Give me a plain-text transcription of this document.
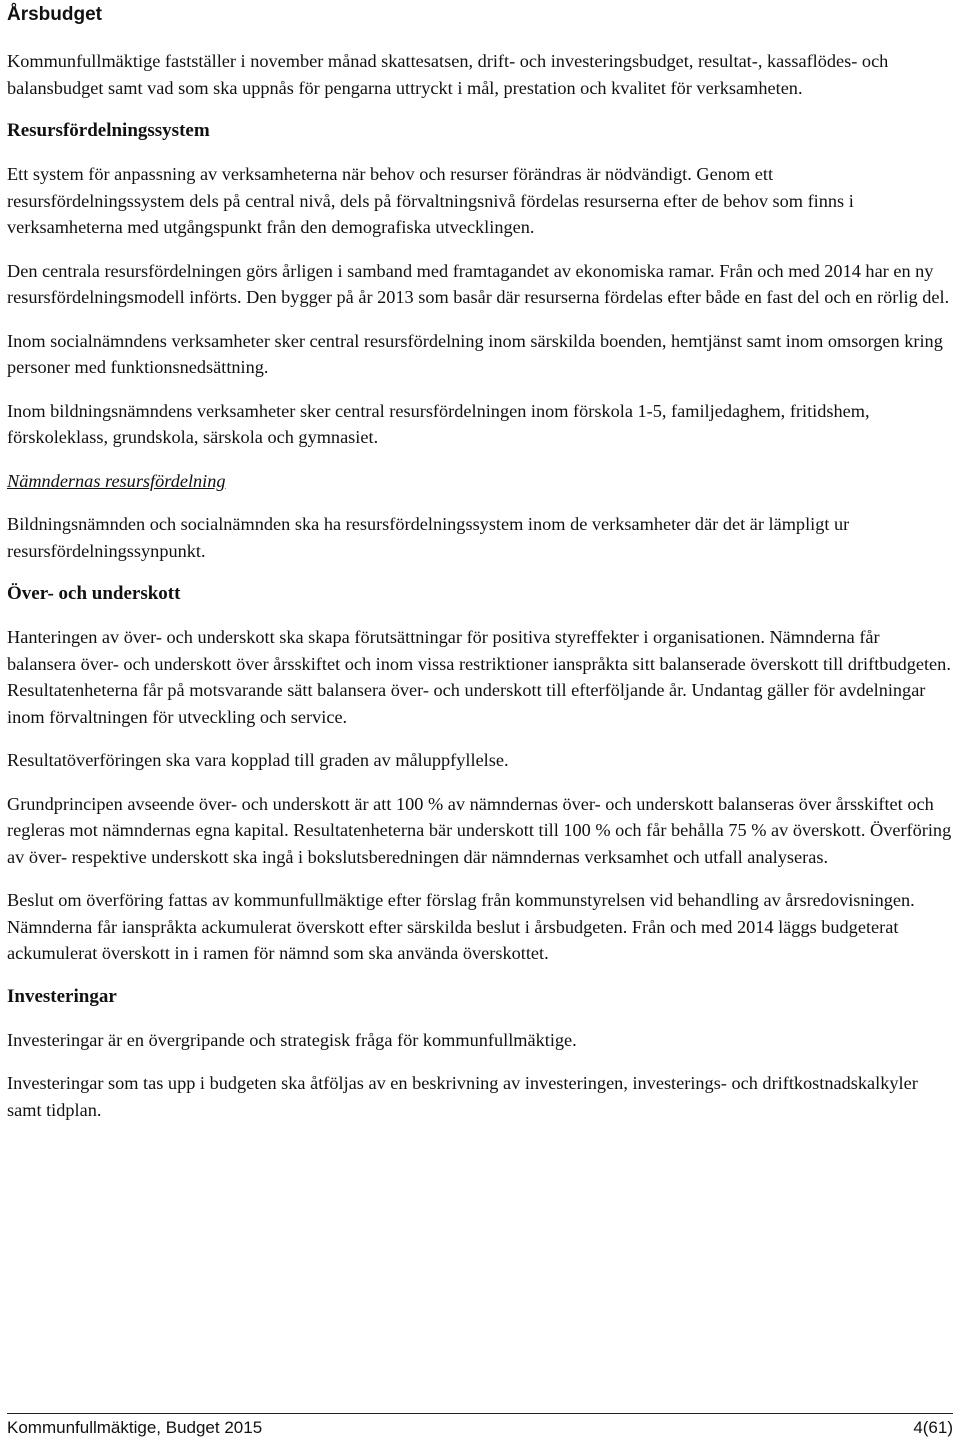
Årsbudget

Kommunfullmäktige fastställer i november månad skattesatsen, drift- och investeringsbudget, resultat-, kassaflödes- och balansbudget samt vad som ska uppnås för pengarna uttryckt i mål, prestation och kvalitet för verksamheten.

Resursfördelningssystem

Ett system för anpassning av verksamheterna när behov och resurser förändras är nödvändigt. Genom ett resursfördelningssystem dels på central nivå, dels på förvaltningsnivå fördelas resurserna efter de behov som finns i verksamheterna med utgångspunkt från den demografiska utvecklingen.

Den centrala resursfördelningen görs årligen i samband med framtagandet av ekonomiska ramar. Från och med 2014 har en ny resursfördelningsmodell införts. Den bygger på år 2013 som basår där resurserna fördelas efter både en fast del och en rörlig del.

Inom socialnämndens verksamheter sker central resursfördelning inom särskilda boenden, hemtjänst samt inom omsorgen kring personer med funktionsnedsättning.

Inom bildningsnämndens verksamheter sker central resursfördelningen inom förskola 1-5, familjedaghem, fritidshem, förskoleklass, grundskola, särskola och gymnasiet.

Nämndernas resursfördelning

Bildningsnämnden och socialnämnden ska ha resursfördelningssystem inom de verksamheter där det är lämpligt ur resursfördelningssynpunkt.

Över- och underskott

Hanteringen av över- och underskott ska skapa förutsättningar för positiva styreffekter i organisationen. Nämnderna får balansera över- och underskott över årsskiftet och inom vissa restriktioner ianspråkta sitt balanserade överskott till driftbudgeten. Resultatenheterna får på motsvarande sätt balansera över- och underskott till efterföljande år. Undantag gäller för avdelningar inom förvaltningen för utveckling och service.

Resultatöverföringen ska vara kopplad till graden av måluppfyllelse.

Grundprincipen avseende över- och underskott är att 100 % av nämndernas över- och underskott balanseras över årsskiftet och regleras mot nämndernas egna kapital. Resultatenheterna bär underskott till 100 % och får behålla 75 % av överskott. Överföring av över- respektive underskott ska ingå i bokslutsberedningen där nämndernas verksamhet och utfall analyseras.

Beslut om överföring fattas av kommunfullmäktige efter förslag från kommunstyrelsen vid behandling av årsredovisningen. Nämnderna får ianspråkta ackumulerat överskott efter särskilda beslut i årsbudgeten. Från och med 2014 läggs budgeterat ackumulerat överskott in i ramen för nämnd som ska använda överskottet.

Investeringar

Investeringar är en övergripande och strategisk fråga för kommunfullmäktige.

Investeringar som tas upp i budgeten ska åtföljas av en beskrivning av investeringen, investerings- och driftkostnadskalkyler samt tidplan.

Kommunfullmäktige, Budget 2015	4(61)
